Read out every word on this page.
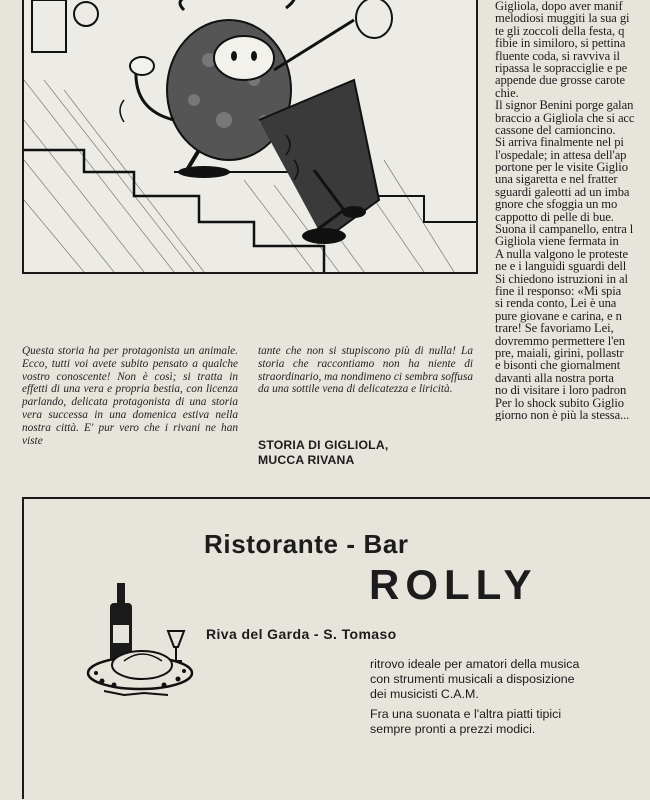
Gigliola, dopo aver manif
melodiosi muggiti la sua gi
te gli zoccoli della festa, q
fibie in similoro, si pettina
fluente coda, si ravviva il
ripassa le sopracciglie e pe
appende due grosse carote
chie.
Il signor Benini porge galan
braccio a Gigliola che si acc
cassone del camioncino.
Si arriva finalmente nel pi
l'ospedale; in attesa dell'ap
portone per le visite Giglio
una sigaretta e nel fratter
sguardi galeotti ad un imba
gnore che sfoggia un mo
cappotto di pelle di bue.
Suona il campanello, entra l
Gigliola viene fermata in
A nulla valgono le proteste
ne e i languidi sguardi dell
Si chiedono istruzioni in al
fine il responso: «Mi spia
si renda conto, Lei è una
pure giovane e carina, e n
trare! Se favoriamo Lei,
dovremmo permettere l'en
pre, maiali, girini, pollastr
e bisonti che giornalment
davanti alla nostra porta
no di visitare i loro padron
Per lo shock subito Giglio
giorno non è più la stessa...
Questa storia ha per protagonista un animale. Ecco, tutti voi avete subito pensato a qualche vostro conoscente! Non è così; si tratta in effetti di una vera e propria bestia, con licenza parlando, delicata protagonista di una storia vera successa in una domenica estiva nella nostra città. E' pur vero che i rivani ne han viste
tante che non si stupiscono più di nulla! La storia che raccontiamo non ha niente di straordinario, ma nondimeno ci sembra soffusa da una sottile vena di delicatezza e liricità.
STORIA DI GIGLIOLA,
MUCCA RIVANA
Ristorante - Bar
ROLLY
Riva del Garda - S. Tomaso
ritrovo ideale per amatori della musica
con strumenti musicali a disposizione
dei musicisti C.A.M.
Fra una suonata e l'altra piatti tipici
sempre pronti a prezzi modici.
